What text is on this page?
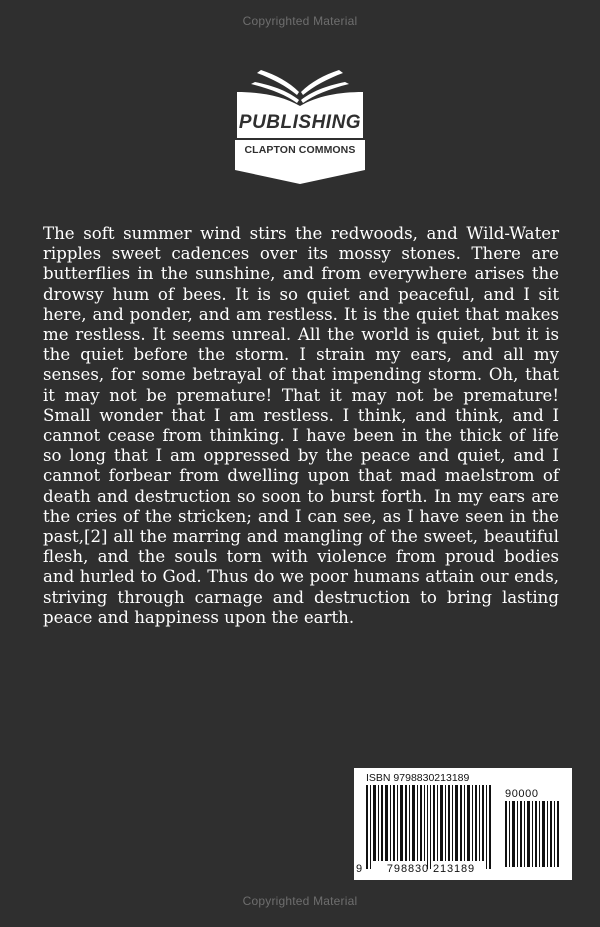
Copyrighted Material
PUBLISHING
CLAPTON COMMONS

The soft summer wind stirs the redwoods, and Wild-Water ripples sweet cadences over its mossy stones. There are butterflies in the sunshine, and from everywhere arises the drowsy hum of bees. It is so quiet and peaceful, and I sit here, and ponder, and am restless. It is the quiet that makes me restless. It seems unreal. All the world is quiet, but it is the quiet before the storm. I strain my ears, and all my senses, for some betrayal of that impending storm. Oh, that it may not be premature! That it may not be premature! Small wonder that I am restless. I think, and think, and I cannot cease from thinking. I have been in the thick of life so long that I am oppressed by the peace and quiet, and I cannot forbear from dwelling upon that mad maelstrom of death and destruction so soon to burst forth. In my ears are the cries of the stricken; and I can see, as I have seen in the past,[2] all the marring and mangling of the sweet, beautiful flesh, and the souls torn with violence from proud bodies and hurled to God. Thus do we poor humans attain our ends, striving through carnage and destruction to bring lasting peace and happiness upon the earth.

ISBN 9798830213189
90000
9	798830 213189
Copyrighted Material
